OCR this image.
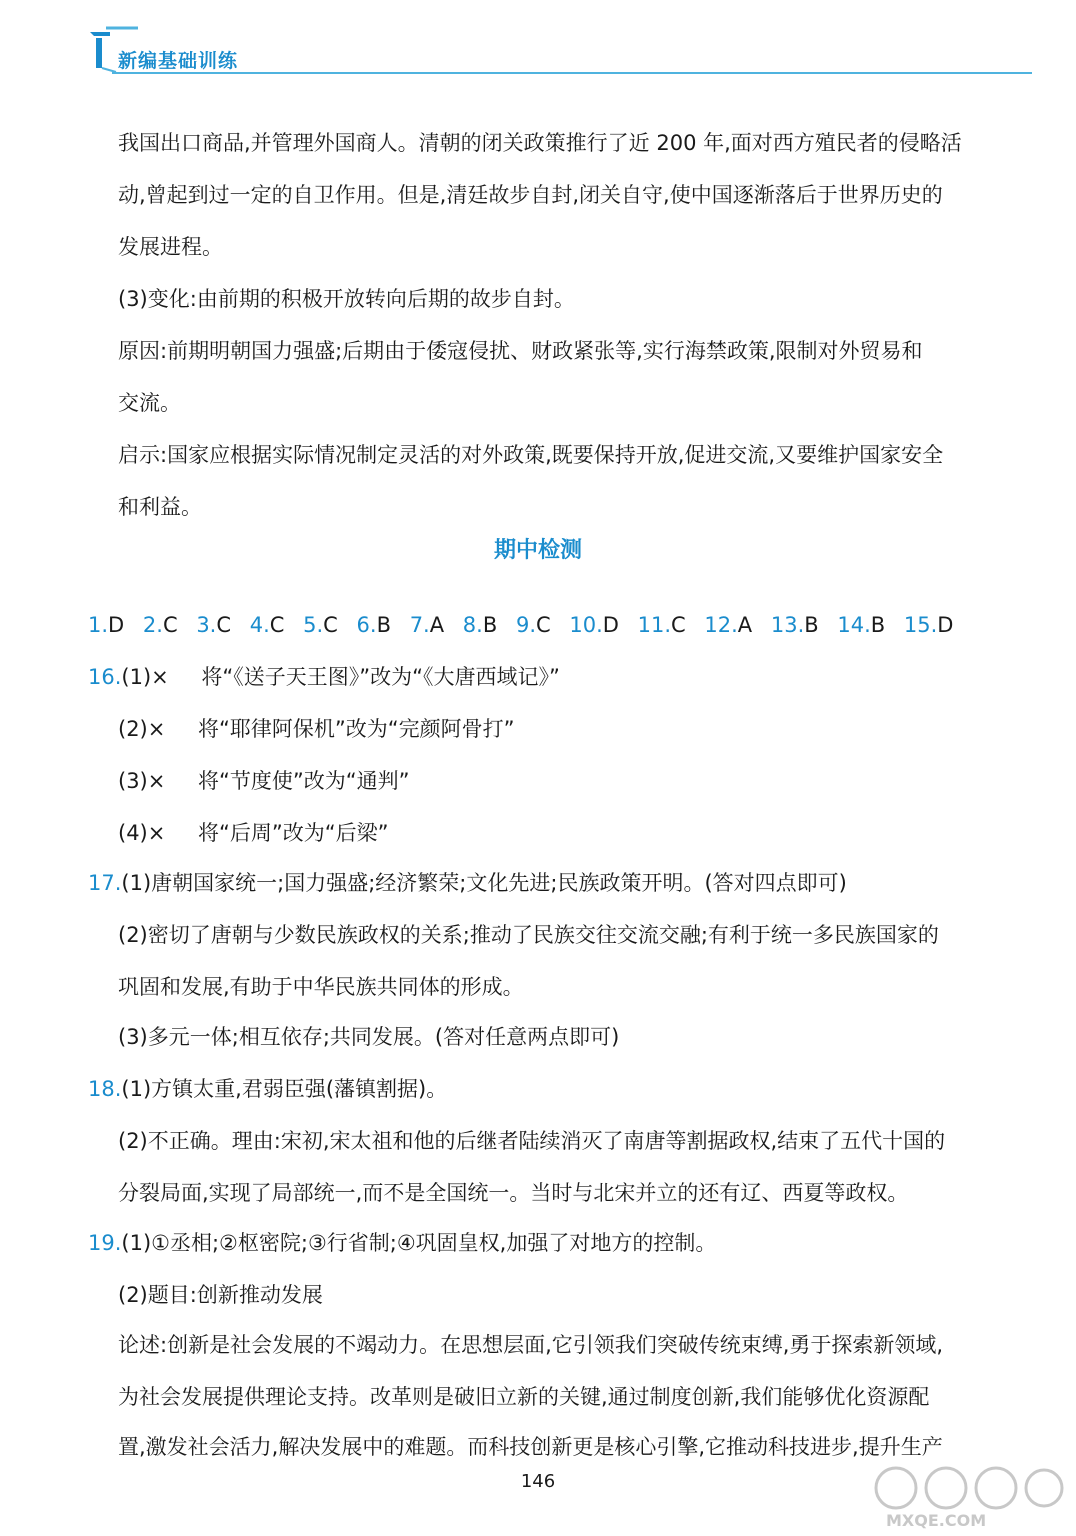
新编基础训练
我国出口商品,并管理外国商人。清朝的闭关政策推行了近 200 年,面对西方殖民者的侵略活
动,曾起到过一定的自卫作用。但是,清廷故步自封,闭关自守,使中国逐渐落后于世界历史的
发展进程。
(3)变化:由前期的积极开放转向后期的故步自封。
原因:前期明朝国力强盛;后期由于倭寇侵扰、财政紧张等,实行海禁政策,限制对外贸易和
交流。
启示:国家应根据实际情况制定灵活的对外政策,既要保持开放,促进交流,又要维护国家安全
和利益。
期中检测
1.D 2.C 3.C 4.C 5.C 6.B 7.A 8.B 9.C 10.D 11.C 12.A 13.B 14.B 15.D
16.(1)× 将“《送子天王图》”改为“《大唐西域记》”
(2)× 将“耶律阿保机”改为“完颜阿骨打”
(3)× 将“节度使”改为“通判”
(4)× 将“后周”改为“后梁”
17.(1)唐朝国家统一;国力强盛;经济繁荣;文化先进;民族政策开明。(答对四点即可)
(2)密切了唐朝与少数民族政权的关系;推动了民族交往交流交融;有利于统一多民族国家的
巩固和发展,有助于中华民族共同体的形成。
(3)多元一体;相互依存;共同发展。(答对任意两点即可)
18.(1)方镇太重,君弱臣强(藩镇割据)。
(2)不正确。理由:宋初,宋太祖和他的后继者陆续消灭了南唐等割据政权,结束了五代十国的
分裂局面,实现了局部统一,而不是全国统一。当时与北宋并立的还有辽、西夏等政权。
19.(1)①丞相;②枢密院;③行省制;④巩固皇权,加强了对地方的控制。
(2)题目:创新推动发展
论述:创新是社会发展的不竭动力。在思想层面,它引领我们突破传统束缚,勇于探索新领域,
为社会发展提供理论支持。改革则是破旧立新的关键,通过制度创新,我们能够优化资源配
置,激发社会活力,解决发展中的难题。而科技创新更是核心引擎,它推动科技进步,提升生产
146
MXQE.COM
